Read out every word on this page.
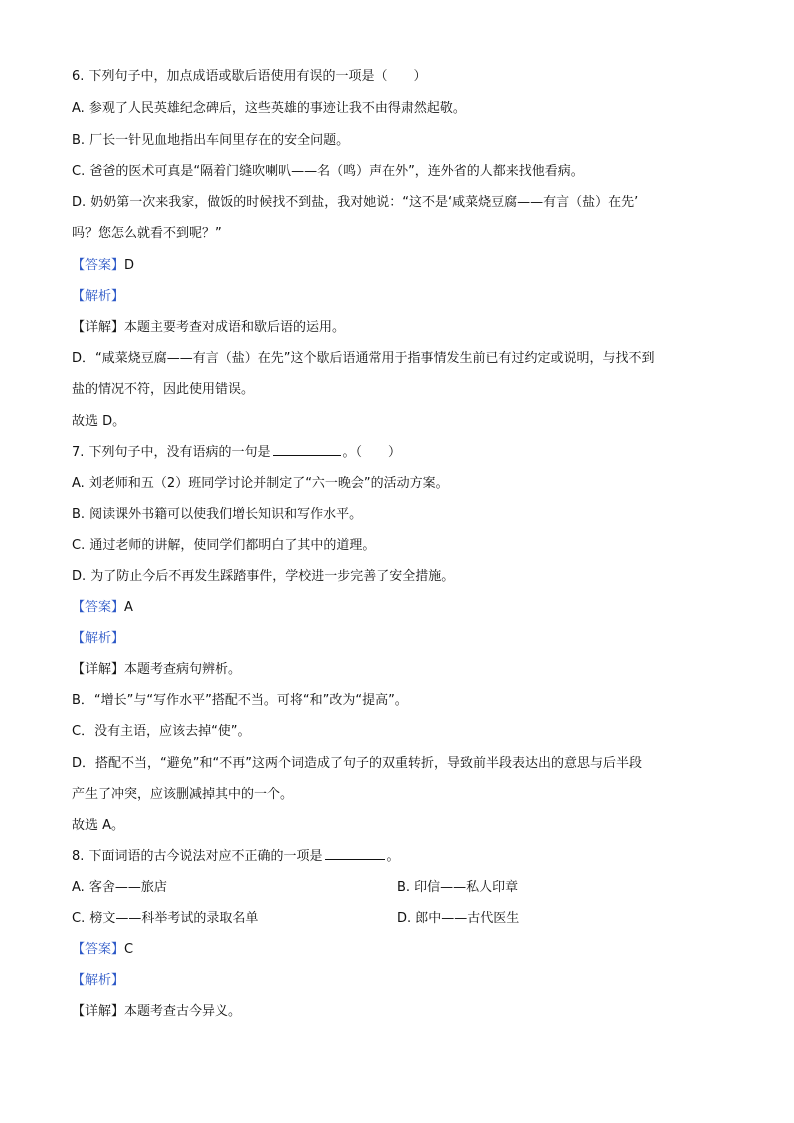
6. 下列句子中，加点成语或歇后语使用有误的一项是（　　）
A. 参观了人民英雄纪念碑后，这些英雄的事迹让我不由得肃然起敬。
B. 厂长一针见血地指出车间里存在的安全问题。
C. 爸爸的医术可真是“隔着门缝吹喇叭——名（鸣）声在外”，连外省的人都来找他看病。
D. 奶奶第一次来我家，做饭的时候找不到盐，我对她说：“这不是‘咸菜烧豆腐——有言（盐）在先’
吗？您怎么就看不到呢？”
【答案】D
【解析】
【详解】本题主要考查对成语和歇后语的运用。
D．“咸菜烧豆腐——有言（盐）在先”这个歇后语通常用于指事情发生前已有过约定或说明，与找不到
盐的情况不符，因此使用错误。
故选 D。
7. 下列句子中，没有语病的一句是	。（　　）
A. 刘老师和五（2）班同学讨论并制定了“六一晚会”的活动方案。
B. 阅读课外书籍可以使我们增长知识和写作水平。
C. 通过老师的讲解，使同学们都明白了其中的道理。
D. 为了防止今后不再发生踩踏事件，学校进一步完善了安全措施。
【答案】A
【解析】
【详解】本题考查病句辨析。
B．“增长”与“写作水平”搭配不当。可将“和”改为“提高”。
C．没有主语，应该去掉“使”。
D．搭配不当，“避免”和“不再”这两个词造成了句子的双重转折，导致前半段表达出的意思与后半段
产生了冲突，应该删减掉其中的一个。
故选 A。
8. 下面词语的古今说法对应不正确的一项是	。
A. 客舍——旅店	B. 印信——私人印章
C. 榜文——科举考试的录取名单	D. 郎中——古代医生
【答案】C
【解析】
【详解】本题考查古今异义。
